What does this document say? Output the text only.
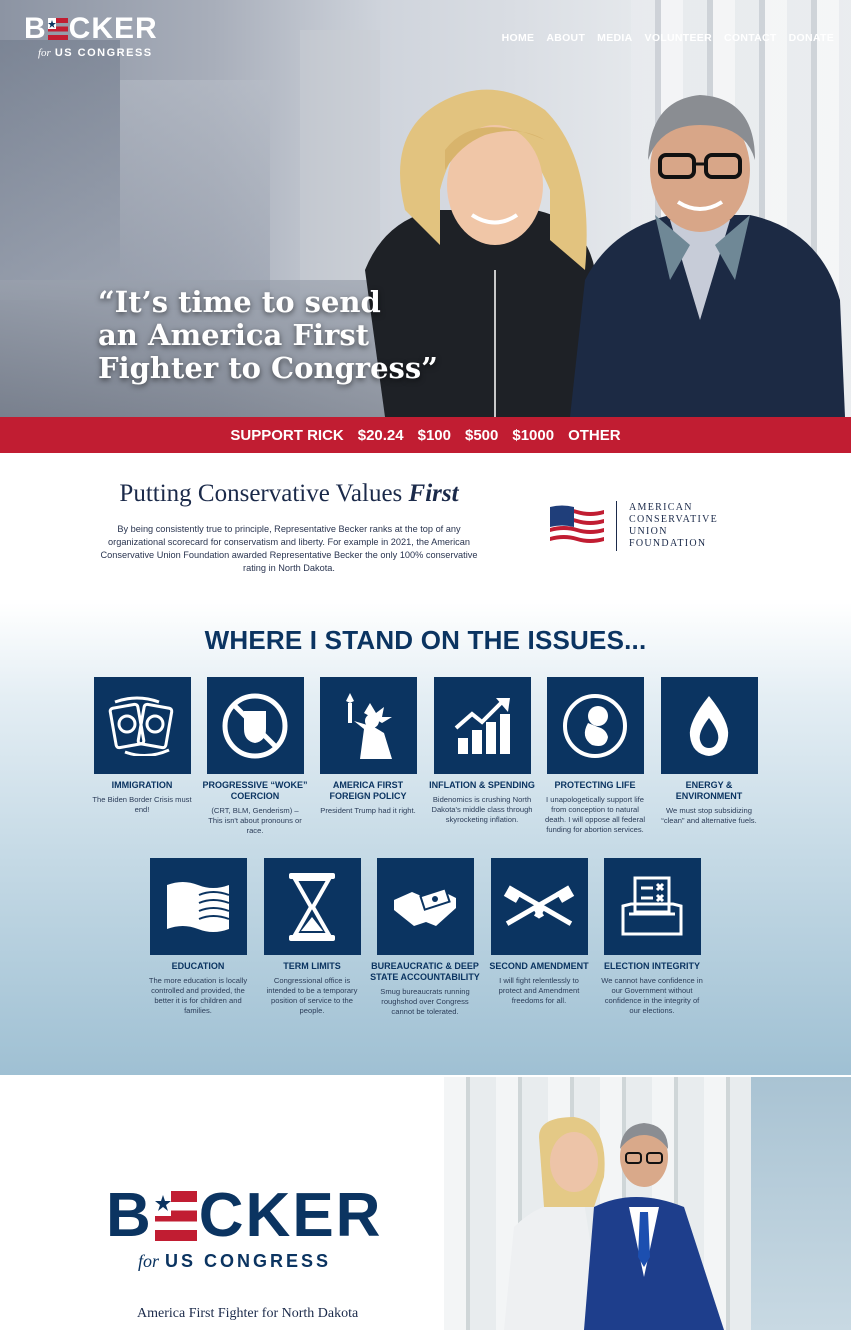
B CKER
for US CONGRESS
HOME ABOUT MEDIA VOLUNTEER CONTACT DONATE
“It’s time to send
an America First
Fighter to Congress”
SUPPORT RICK $20.24 $100 $500 $1000 OTHER
Putting Conservative Values First

By being consistently true to principle, Representative Becker ranks at the top of any organizational scorecard for conservatism and liberty. For example in 2021, the American Conservative Union Foundation awarded Representative Becker the only 100% conservative rating in North Dakota.

AMERICAN
CONSERVATIVE
UNION
FOUNDATION
WHERE I STAND ON THE ISSUES...
IMMIGRATION
The Biden Border Crisis must end!
PROGRESSIVE “WOKE” COERCION
(CRT, BLM, Genderism) – This isn't about pronouns or race.
AMERICA FIRST FOREIGN POLICY
President Trump had it right.
INFLATION & SPENDING
Bidenomics is crushing North Dakota's middle class through skyrocketing inflation.
PROTECTING LIFE
I unapologetically support life from conception to natural death. I will oppose all federal funding for abortion services.
ENERGY & ENVIRONMENT
We must stop subsidizing “clean” and alternative fuels.
EDUCATION
The more education is locally controlled and provided, the better it is for children and families.
TERM LIMITS
Congressional office is intended to be a temporary position of service to the people.
BUREAUCRATIC & DEEP STATE ACCOUNTABILITY
Smug bureaucrats running roughshod over Congress cannot be tolerated.
SECOND AMENDMENT
I will fight relentlessly to protect and Amendment freedoms for all.
ELECTION INTEGRITY
We cannot have confidence in our Government without confidence in the integrity of our elections.
B CKER
for US CONGRESS
America First Fighter for North Dakota
